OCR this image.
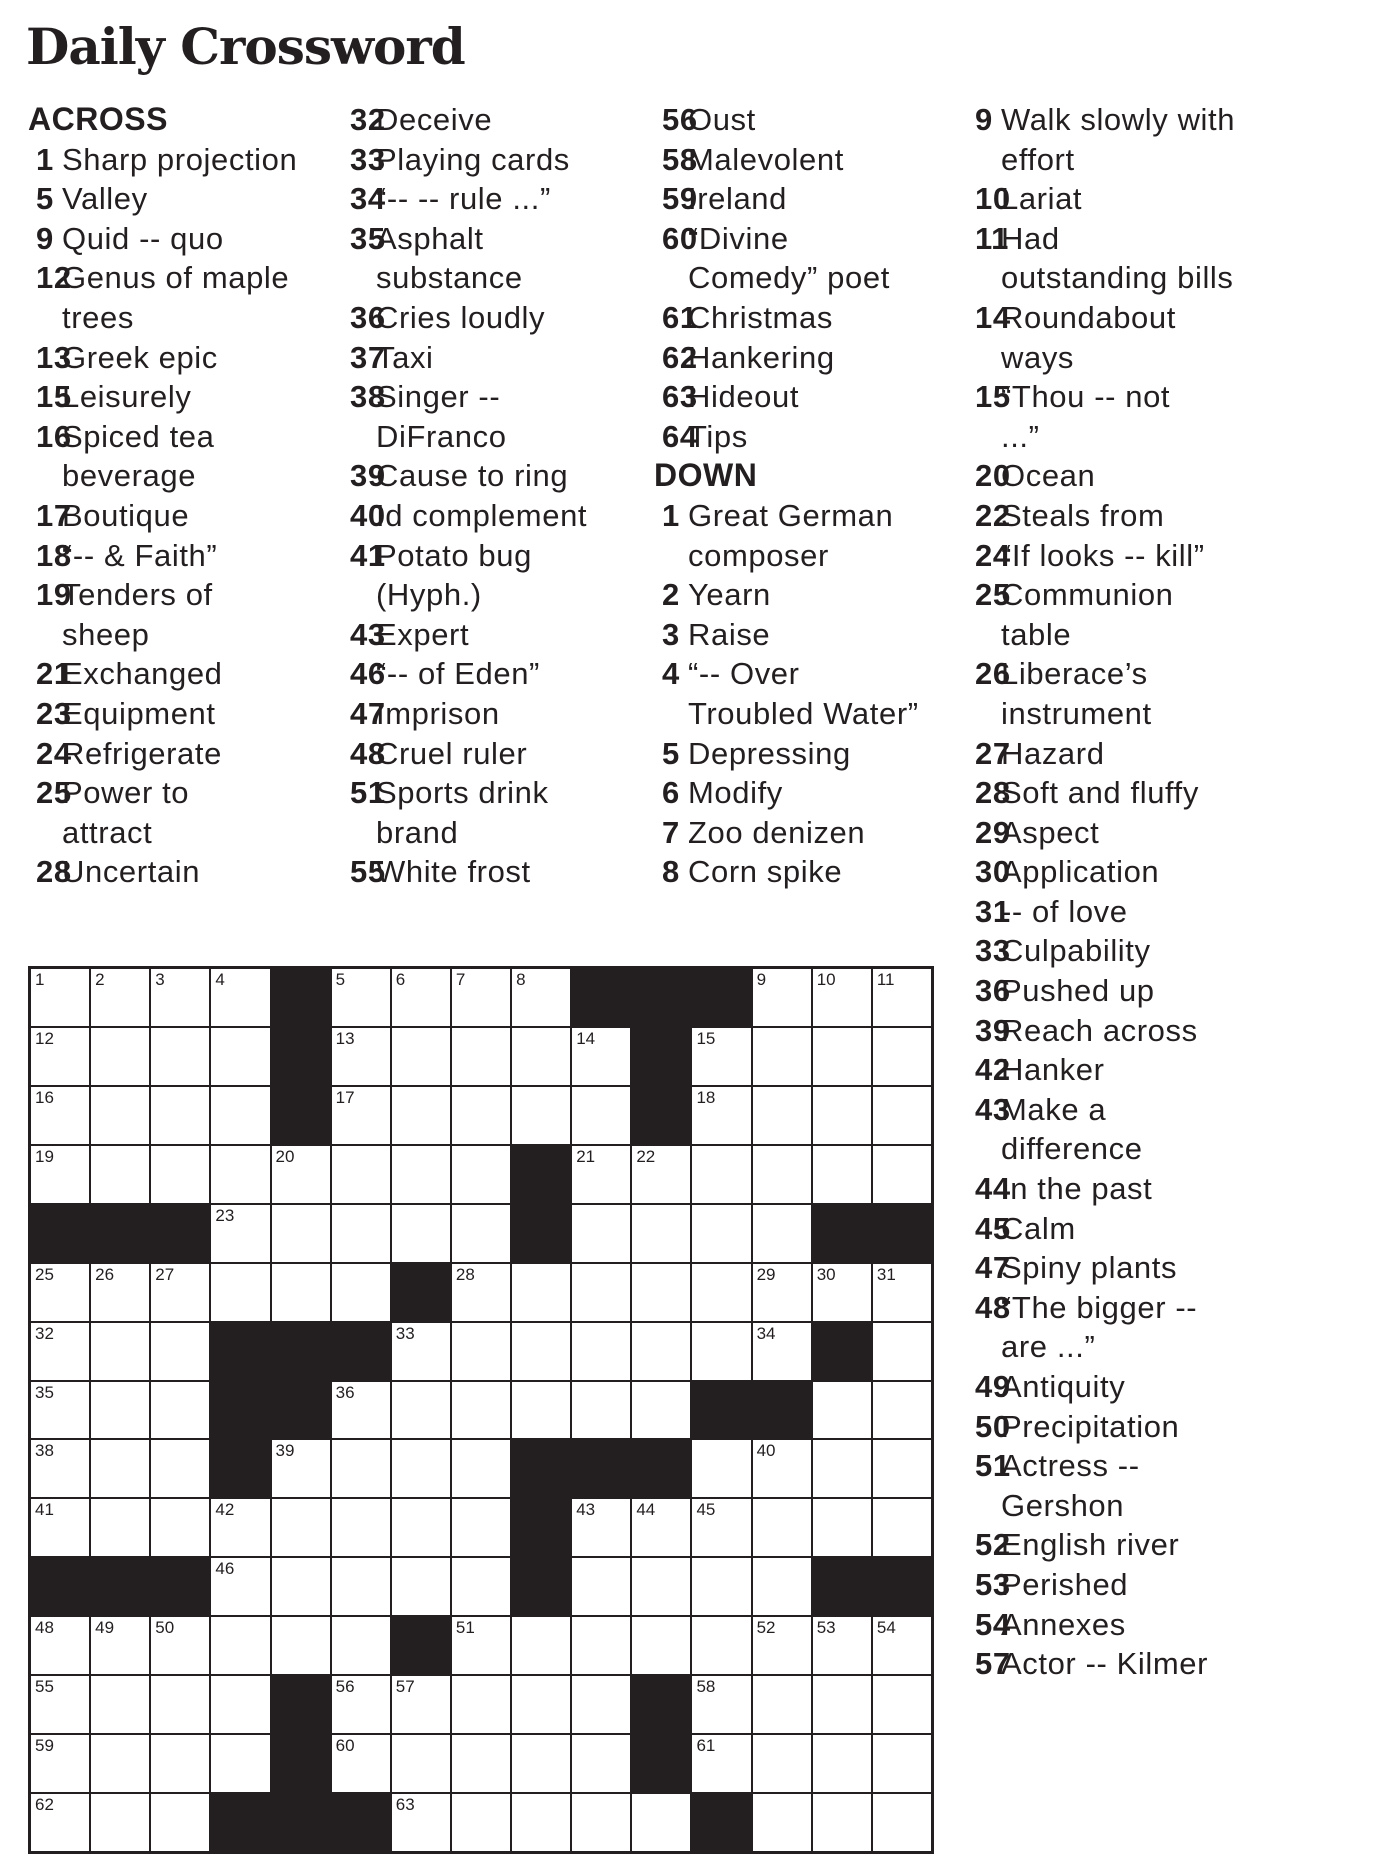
Daily Crossword
ACROSS
1 Sharp projection
5 Valley
9 Quid -- quo
12
Genus of maple
trees
13
Greek epic
15
Leisurely
16
Spiced tea
beverage
17
Boutique
18
“-- & Faith”
19
Tenders of
sheep
21
Exchanged
23
Equipment
24
Refrigerate
25
Power to
attract
28
Uncertain
32
Deceive
33
Playing cards
34
“-- -- rule ...”
35
Asphalt
substance
36
Cries loudly
37
Taxi
38
Singer --
DiFranco
39
Cause to ring
40
Id complement
41
Potato bug
(Hyph.)
43
Expert
46
“-- of Eden”
47
Imprison
48
Cruel ruler
51
Sports drink
brand
55
White frost
56
Oust
58
Malevolent
59
Ireland
60
“Divine
Comedy” poet
61
Christmas
62
Hankering
63
Hideout
64
Tips
DOWN
1 Great German
composer
2 Yearn
3 Raise
4 “-- Over
Troubled Water”
5 Depressing
6 Modify
7 Zoo denizen
8 Corn spike
9 Walk slowly with
effort
10
Lariat
11
Had
outstanding bills
14
Roundabout
ways
15
“Thou -- not
...”
20
Ocean
22
Steals from
24
“If looks -- kill”
25
Communion
table
26
Liberace’s
instrument
27
Hazard
28
Soft and fluffy
29
Aspect
30
Application
31
-- of love
33
Culpability
36
Pushed up
39
Reach across
42
Hanker
43
Make a
difference
44
In the past
45
Calm
47
Spiny plants
48
“The bigger --
are ...”
49
Antiquity
50
Precipitation
51
Actress --
Gershon
52
English river
53
Perished
54
Annexes
57
Actor -- Kilmer
1	2	3	4	5	6	7	8	9	10 11
12	13	14	15
16	17	18
19	20	21 22
23
25 26 27	28	29 30 31
32	33	34
35	36
38	39	40
41	42	43 44 45
46
48 49 50	51	52 53 54
55	56 57	58
59	60	61
62	63
